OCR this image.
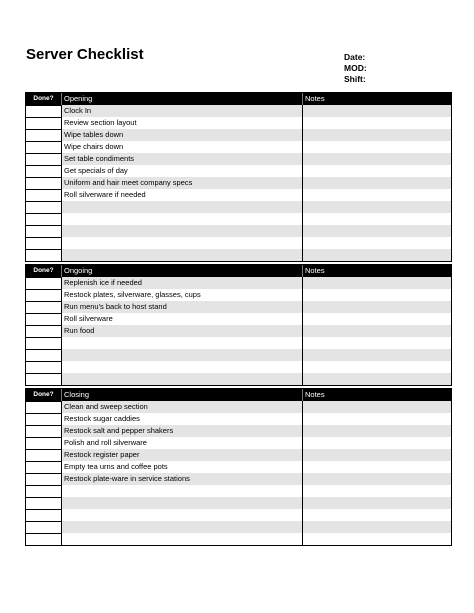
Server Checklist	Date:
MOD:
Shift:
Done?	Opening	Notes
Clock In
Review section layout
Wipe tables down
Wipe chairs down
Set table condiments
Get specials of day
Uniform and hair meet company specs
Roll silverware if needed
Done?	Ongoing	Notes
Replenish ice if needed
Restock plates, silverware, glasses, cups
Run menu's back to host stand
Roll silverware
Run food
Done?	Closing	Notes
Clean and sweep section
Restock sugar caddies
Restock salt and pepper shakers
Polish and roll silverware
Restock register paper
Empty tea urns and coffee pots
Restock plate-ware in service stations
